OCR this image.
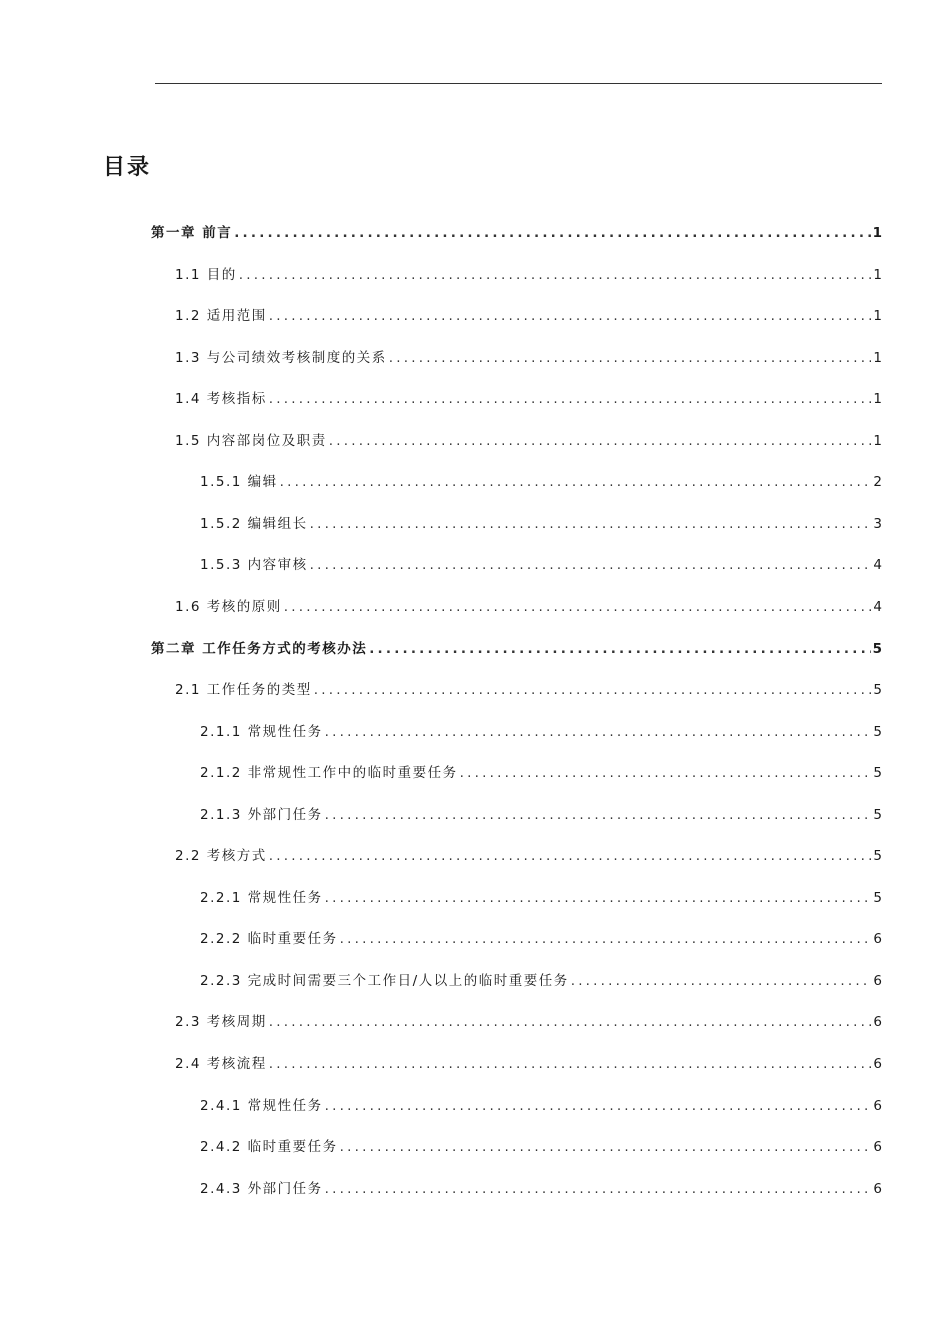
目录
第一章 前言 .....	1
1.1 目的 .....	1
1.2 适用范围 .....	1
1.3 与公司绩效考核制度的关系 .....	1
1.4 考核指标 .....	1
1.5 内容部岗位及职责 .....	1
1.5.1 编辑 .....	2
1.5.2 编辑组长 .....	3
1.5.3 内容审核 .....	4
1.6 考核的原则 .....	4
第二章 工作任务方式的考核办法 .....	5
2.1 工作任务的类型 .....	5
2.1.1 常规性任务 .....	5
2.1.2 非常规性工作中的临时重要任务 .....	5
2.1.3 外部门任务 .....	5
2.2 考核方式 .....	5
2.2.1 常规性任务 .....	5
2.2.2 临时重要任务 .....	6
2.2.3 完成时间需要三个工作日/人以上的临时重要任务 .....	6
2.3 考核周期 .....	6
2.4 考核流程 .....	6
2.4.1 常规性任务 .....	6
2.4.2 临时重要任务 .....	6
2.4.3 外部门任务 .....	6
